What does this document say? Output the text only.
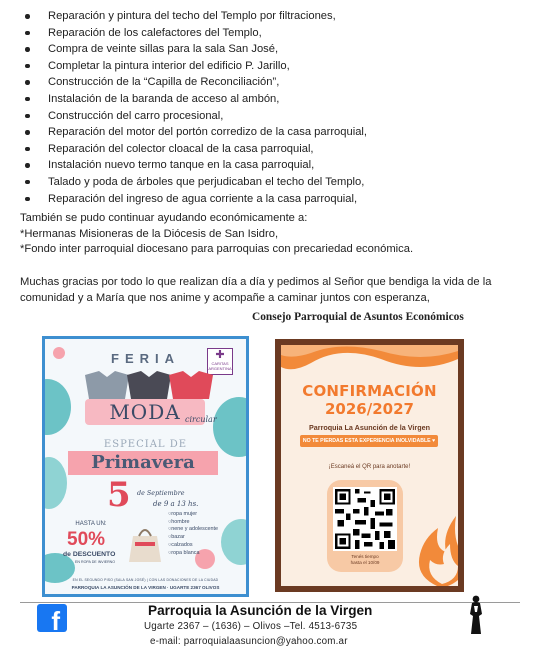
Reparación y pintura del techo del Templo por filtraciones,
Reparación de los calefactores del Templo,
Compra de veinte sillas para la sala San José,
Completar la pintura interior del edificio P. Jarillo,
Construcción de la “Capilla de Reconciliación”,
Instalación de la baranda de acceso al ambón,
Construcción del carro procesional,
Reparación del motor del portón corredizo de la casa parroquial,
Reparación del colector cloacal de la casa parroquial,
Instalación nuevo termo tanque en la casa parroquial,
Talado y poda de árboles que perjudicaban el techo del Templo,
Reparación del ingreso de agua corriente a la casa parroquial,
También se pudo continuar ayudando económicamente a:
*Hermanas Misioneras de la Diócesis de San Isidro,
*Fondo inter parroquial diocesano para parroquias con precariedad económica.
Muchas gracias por todo lo que realizan día a día y pedimos al Señor que bendiga la vida de la comunidad y a María que nos anime y acompañe a caminar juntos con esperanza,
Consejo Parroquial de Asuntos Económicos
FERIA	✚
CARITAS
ARGENTINA
MODA circular
ESPECIAL DE
Primavera
5 de Septiembre
de 9 a 13 hs.
○ ropa mujer
○ hombre
○ nene y adolescente
○ bazar
○ calzados
○ ropa blanca
HASTA UN:
50%
de DESCUENTO
EN ROPA DE INVIERNO
EN EL SEGUNDO PISO (SALA SAN JOSÉ) | CON LAS DONACIONES DE LA CIUDAD
PARROQUIA LA ASUNCIÓN DE LA VIRGEN · UGARTE 2367 OLIVOS
CONFIRMACIÓN
2026/2027
Parroquia La Asunción de la Virgen
NO TE PIERDAS ESTA EXPERIENCIA INOLVIDABLE ♥
¡Escaneá el QR para anotarte!
Tenés tiempo
hasta el 10/09
f	Parroquia la Asunción de la Virgen
Ugarte 2367 – (1636) – Olivos –Tel. 4513-6735
e-mail: parroquialaasuncion@yahoo.com.ar
